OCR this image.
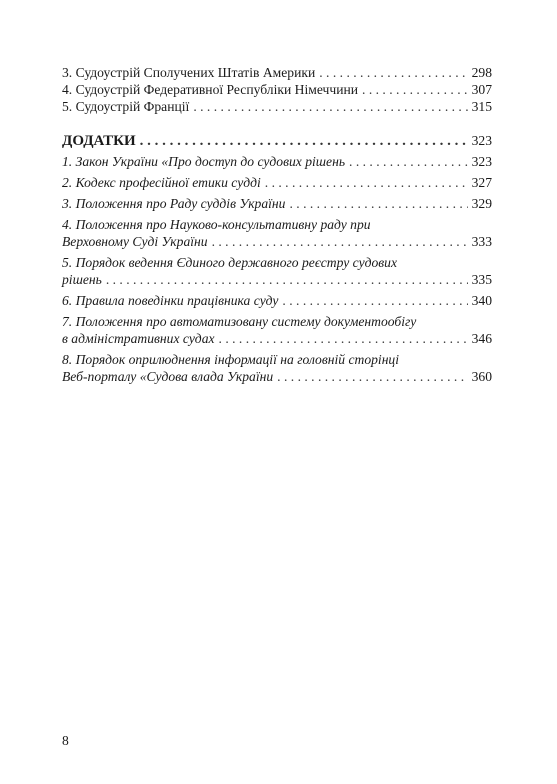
3. Судоустрій Сполучених Штатів Америки . . .	298
4. Судоустрій Федеративної Республіки Німеччини . . .	307
5. Судоустрій Франції . . .	315
ДОДАТКИ . . .	323
1. Закон України «Про доступ до судових рішень . . .	323
2. Кодекс професійної етики судді . . .	327
3. Положення про Раду суддів України . . .	329
4. Положення про Науково-консультативну раду при
Верховному Суді України . . .	333
5. Порядок ведення Єдиного державного реєстру судових
рішень . . .	335
6. Правила поведінки працівника суду . . .	340
7. Положення про автоматизовану систему документообігу
в адміністративних судах . . .	346
8. Порядок оприлюднення інформації на головній сторінці
Веб-порталу «Судова влада України . . .	360
8
